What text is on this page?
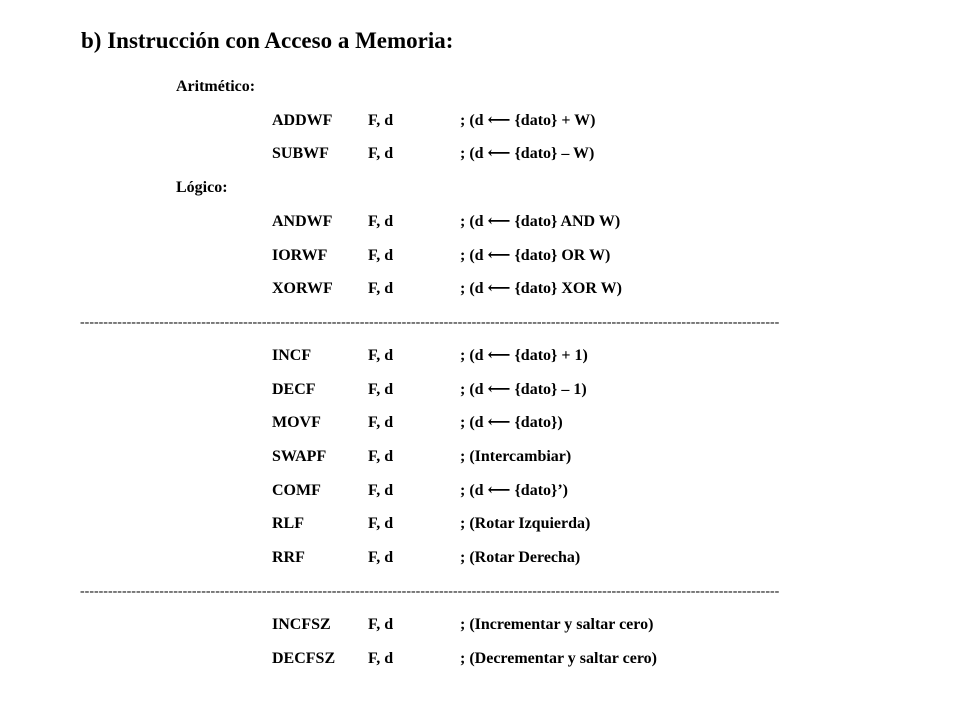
b) Instrucción con Acceso a Memoria:
Aritmético:
ADDWF F, d	; (d ⟵ {dato} + W)
SUBWF F, d	; (d ⟵ {dato} – W)
Lógico:
ANDWF F, d	; (d ⟵ {dato} AND W)
IORWF	F, d	; (d ⟵ {dato} OR W)
XORWF F, d	; (d ⟵ {dato} XOR W)
------------------------------------------------------------------------------------------------------------------------------------------------------
INCF	F, d	; (d ⟵ {dato} + 1)
DECF	F, d	; (d ⟵ {dato} – 1)
MOVF	F, d	; (d ⟵ {dato})
SWAPF	F, d	; (Intercambiar)
COMF	F, d	; (d ⟵ {dato}’)
RLF	F, d	; (Rotar Izquierda)
RRF	F, d	; (Rotar Derecha)
------------------------------------------------------------------------------------------------------------------------------------------------------
INCFSZ F, d	; (Incrementar y saltar cero)
DECFSZ F, d	; (Decrementar y saltar cero)
